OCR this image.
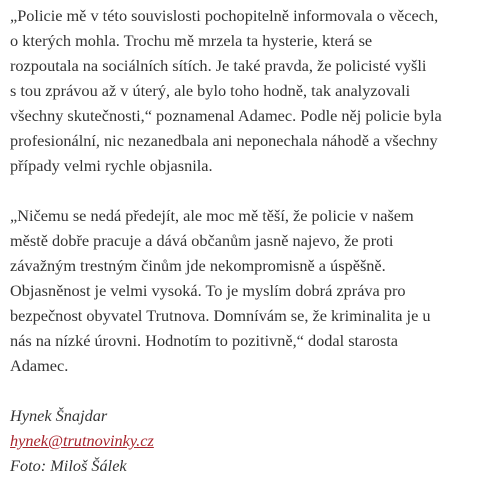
„Policie mě v této souvislosti pochopitelně informovala o věcech,
o kterých mohla. Trochu mě mrzela ta hysterie, která se
rozpoutala na sociálních sítích. Je také pravda, že policisté vyšli
s tou zprávou až v úterý, ale bylo toho hodně, tak analyzovali
všechny skutečnosti,“ poznamenal Adamec. Podle něj policie byla
profesionální, nic nezanedbala ani neponechala náhodě a všechny
případy velmi rychle objasnila.

„Ničemu se nedá předejít, ale moc mě těší, že policie v našem
městě dobře pracuje a dává občanům jasně najevo, že proti
závažným trestným činům jde nekompromisně a úspěšně.
Objasněnost je velmi vysoká. To je myslím dobrá zpráva pro
bezpečnost obyvatel Trutnova. Domnívám se, že kriminalita je u
nás na nízké úrovni. Hodnotím to pozitivně,“ dodal starosta
Adamec.

Hynek Šnajdar
hynek@trutnovinky.cz
Foto: Miloš Šálek
